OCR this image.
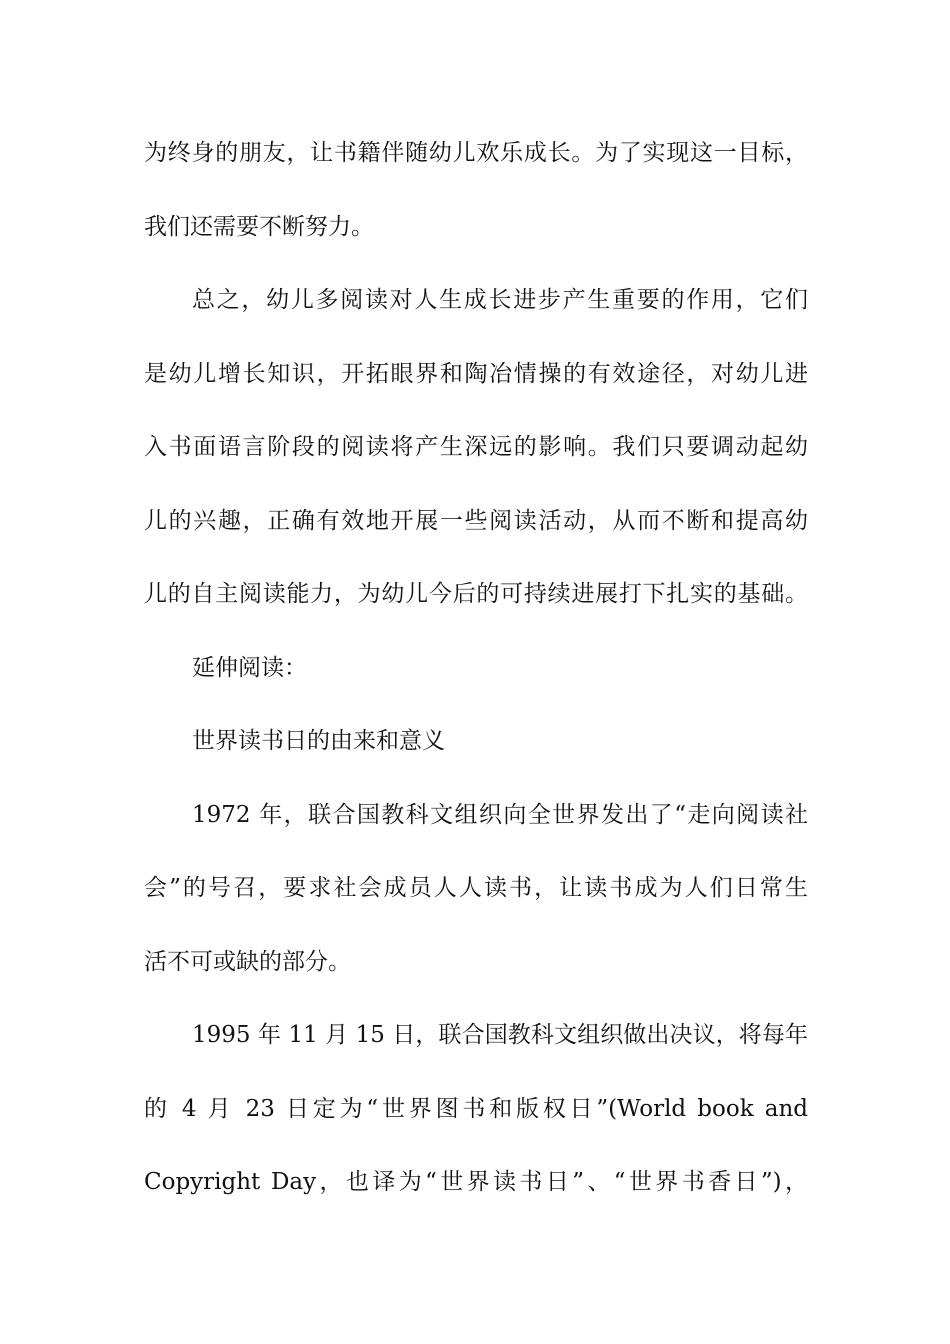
为终身的朋友，让书籍伴随幼儿欢乐成长。为了实现这一目标，
我们还需要不断努力。
总之，幼儿多阅读对人生成长进步产生重要的作用，它们
是幼儿增长知识，开拓眼界和陶冶情操的有效途径，对幼儿进
入书面语言阶段的阅读将产生深远的影响。我们只要调动起幼
儿的兴趣，正确有效地开展一些阅读活动，从而不断和提高幼
儿的自主阅读能力，为幼儿今后的可持续进展打下扎实的基础。
延伸阅读：
世界读书日的由来和意义
1972 年，联合国教科文组织向全世界发出了“走向阅读社
会”的号召，要求社会成员人人读书，让读书成为人们日常生
活不可或缺的部分。
1995 年 11 月 15 日，联合国教科文组织做出决议，将每年
的 4 月 23 日定为“世界图书和版权日”(World book and
Copyright Day，也译为“世界读书日”、“世界书香日”)，
